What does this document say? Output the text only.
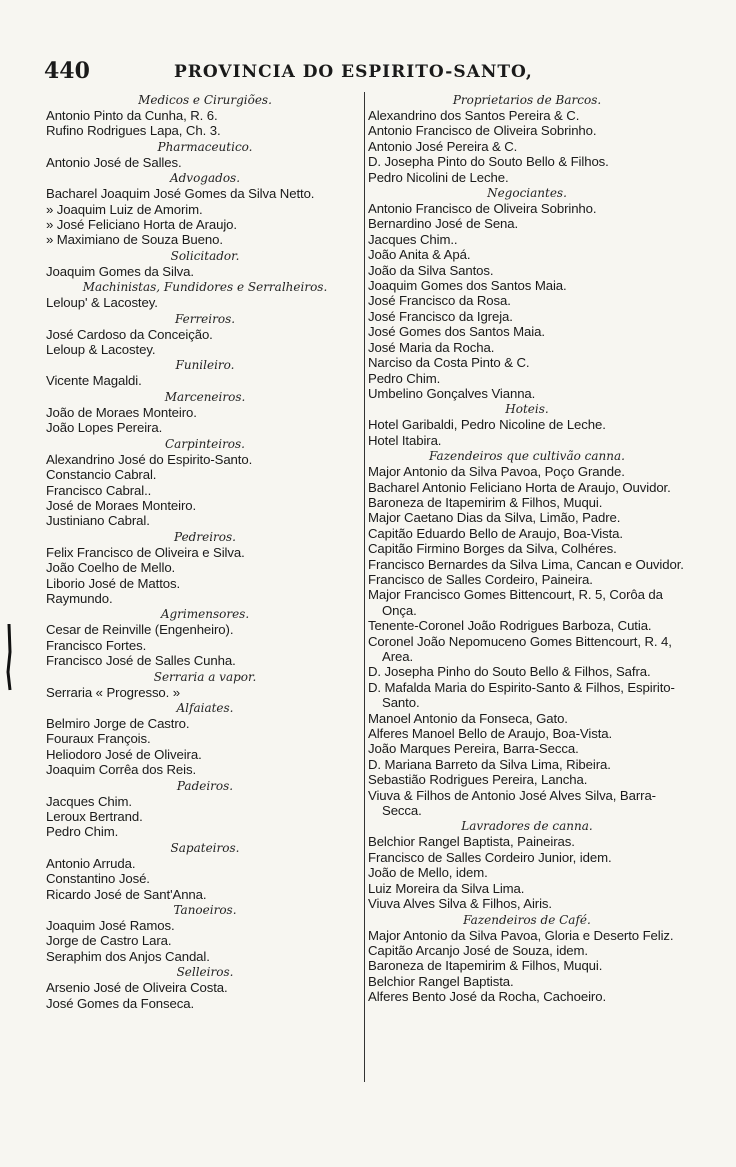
440	PROVINCIA DO ESPIRITO-SANTO,
Medicos e Cirurgiões.
Antonio Pinto da Cunha, R. 6.
Rufino Rodrigues Lapa, Ch. 3.
Pharmaceutico.
Antonio José de Salles.
Advogados.
Bacharel Joaquim José Gomes da Silva Netto.
» Joaquim Luiz de Amorim.
» José Feliciano Horta de Araujo.
» Maximiano de Souza Bueno.
Solicitador.
Joaquim Gomes da Silva.
Machinistas, Fundidores e Serralheiros.
Leloup' & Lacostey.
Ferreiros.
José Cardoso da Conceição.
Leloup & Lacostey.
Funileiro.
Vicente Magaldi.
Marceneiros.
João de Moraes Monteiro.
João Lopes Pereira.
Carpinteiros.
Alexandrino José do Espirito-Santo.
Constancio Cabral.
Francisco Cabral..
José de Moraes Monteiro.
Justiniano Cabral.
Pedreiros.
Felix Francisco de Oliveira e Silva.
João Coelho de Mello.
Liborio José de Mattos.
Raymundo.
Agrimensores.
Cesar de Reinville (Engenheiro).
Francisco Fortes.
Francisco José de Salles Cunha.
Serraria a vapor.
Serraria « Progresso. »
Alfaiates.
Belmiro Jorge de Castro.
Fouraux François.
Heliodoro José de Oliveira.
Joaquim Corrêa dos Reis.
Padeiros.
Jacques Chim.
Leroux Bertrand.
Pedro Chim.
Sapateiros.
Antonio Arruda.
Constantino José.
Ricardo José de Sant'Anna.
Tanoeiros.
Joaquim José Ramos.
Jorge de Castro Lara.
Seraphim dos Anjos Candal.
Selleiros.
Arsenio José de Oliveira Costa.
José Gomes da Fonseca.
Proprietarios de Barcos.
Alexandrino dos Santos Pereira & C.
Antonio Francisco de Oliveira Sobrinho.
Antonio José Pereira & C.
D. Josepha Pinto do Souto Bello & Filhos.
Pedro Nicolini de Leche.
Negociantes.
Antonio Francisco de Oliveira Sobrinho.
Bernardino José de Sena.
Jacques Chim..
João Anita & Apá.
João da Silva Santos.
Joaquim Gomes dos Santos Maia.
José Francisco da Rosa.
José Francisco da Igreja.
José Gomes dos Santos Maia.
José Maria da Rocha.
Narciso da Costa Pinto & C.
Pedro Chim.
Umbelino Gonçalves Vianna.
Hoteis.
Hotel Garibaldi, Pedro Nicoline de Leche.
Hotel Itabira.
Fazendeiros que cultivão canna.
Major Antonio da Silva Pavoa, Poço Grande.
Bacharel Antonio Feliciano Horta de Araujo, Ouvidor.
Baroneza de Itapemirim & Filhos, Muqui.
Major Caetano Dias da Silva, Limão, Padre.
Capitão Eduardo Bello de Araujo, Boa-Vista.
Capitão Firmino Borges da Silva, Colhéres.
Francisco Bernardes da Silva Lima, Cancan e Ouvidor.
Francisco de Salles Cordeiro, Paineira.
Major Francisco Gomes Bittencourt, R. 5, Corôa da Onça.
Tenente-Coronel João Rodrigues Barboza, Cutia.
Coronel João Nepomuceno Gomes Bittencourt, R. 4, Area.
D. Josepha Pinho do Souto Bello & Filhos, Safra.
D. Mafalda Maria do Espirito-Santo & Filhos, Espirito-Santo.
Manoel Antonio da Fonseca, Gato.
Alferes Manoel Bello de Araujo, Boa-Vista.
João Marques Pereira, Barra-Secca.
D. Mariana Barreto da Silva Lima, Ribeira.
Sebastião Rodrigues Pereira, Lancha.
Viuva & Filhos de Antonio José Alves Silva, Barra-Secca.
Lavradores de canna.
Belchior Rangel Baptista, Paineiras.
Francisco de Salles Cordeiro Junior, idem.
João de Mello, idem.
Luiz Moreira da Silva Lima.
Viuva Alves Silva & Filhos, Airis.
Fazendeiros de Café.
Major Antonio da Silva Pavoa, Gloria e Deserto Feliz.
Capitão Arcanjo José de Souza, idem.
Baroneza de Itapemirim & Filhos, Muqui.
Belchior Rangel Baptista.
Alferes Bento José da Rocha, Cachoeiro.
